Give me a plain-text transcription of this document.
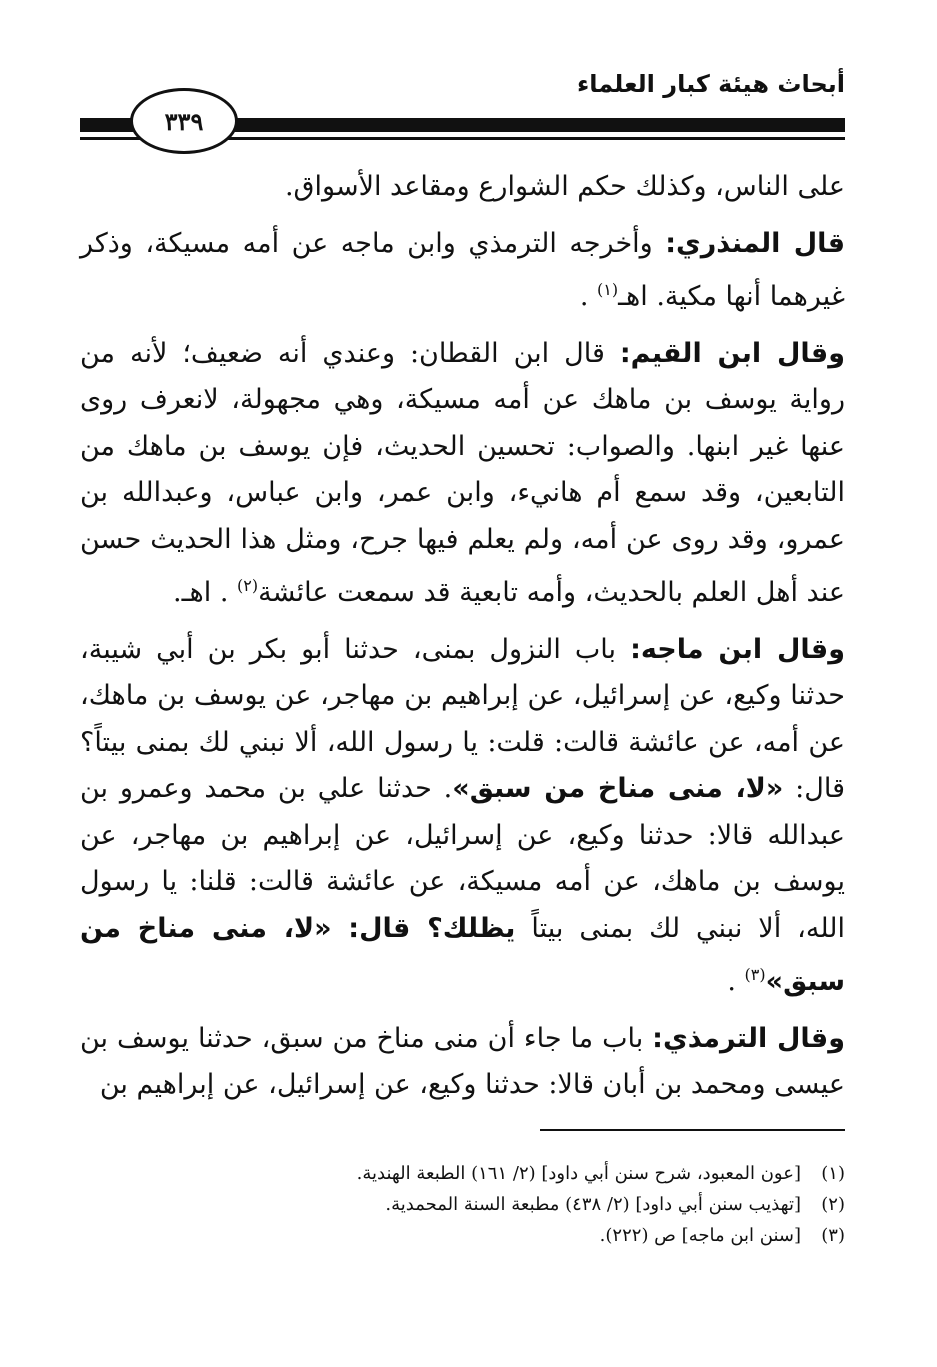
أبحاث هيئة كبار العلماء
٣٣٩

على الناس، وكذلك حكم الشوارع ومقاعد الأسواق.

قال المنذري: وأخرجه الترمذي وابن ماجه عن أمه مسيكة، وذكر غيرهما أنها مكية. اهـ$^{(١)}$ .

وقال ابن القيم: قال ابن القطان: وعندي أنه ضعيف؛ لأنه من رواية يوسف بن ماهك عن أمه مسيكة، وهي مجهولة، لانعرف روى عنها غير ابنها. والصواب: تحسين الحديث، فإن يوسف بن ماهك من التابعين، وقد سمع أم هانيء، وابن عمر، وابن عباس، وعبدالله بن عمرو، وقد روى عن أمه، ولم يعلم فيها جرح، ومثل هذا الحديث حسن عند أهل العلم بالحديث، وأمه تابعية قد سمعت عائشة$^{(٢)}$ . اهـ.

وقال ابن ماجه: باب النزول بمنى، حدثنا أبو بكر بن أبي شيبة، حدثنا وكيع، عن إسرائيل، عن إبراهيم بن مهاجر، عن يوسف بن ماهك، عن أمه، عن عائشة قالت: قلت: يا رسول الله، ألا نبني لك بمنى بيتاً؟ قال: «لا، منى مناخ من سبق». حدثنا علي بن محمد وعمرو بن عبدالله قالا: حدثنا وكيع، عن إسرائيل، عن إبراهيم بن مهاجر، عن يوسف بن ماهك، عن أمه مسيكة، عن عائشة قالت: قلنا: يا رسول الله، ألا نبني لك بمنى بيتاً يظلك؟ قال: «لا، منى مناخ من سبق»$^{(٣)}$ .

وقال الترمذي: باب ما جاء أن منى مناخ من سبق، حدثنا يوسف بن عيسى ومحمد بن أبان قالا: حدثنا وكيع، عن إسرائيل، عن إبراهيم بن

(١)
[عون المعبود، شرح سنن أبي داود] (٢/ ١٦١) الطبعة الهندية.
(٢)
[تهذيب سنن أبي داود] (٢/ ٤٣٨) مطبعة السنة المحمدية.
(٣)
[سنن ابن ماجه] ص (٢٢٢).
